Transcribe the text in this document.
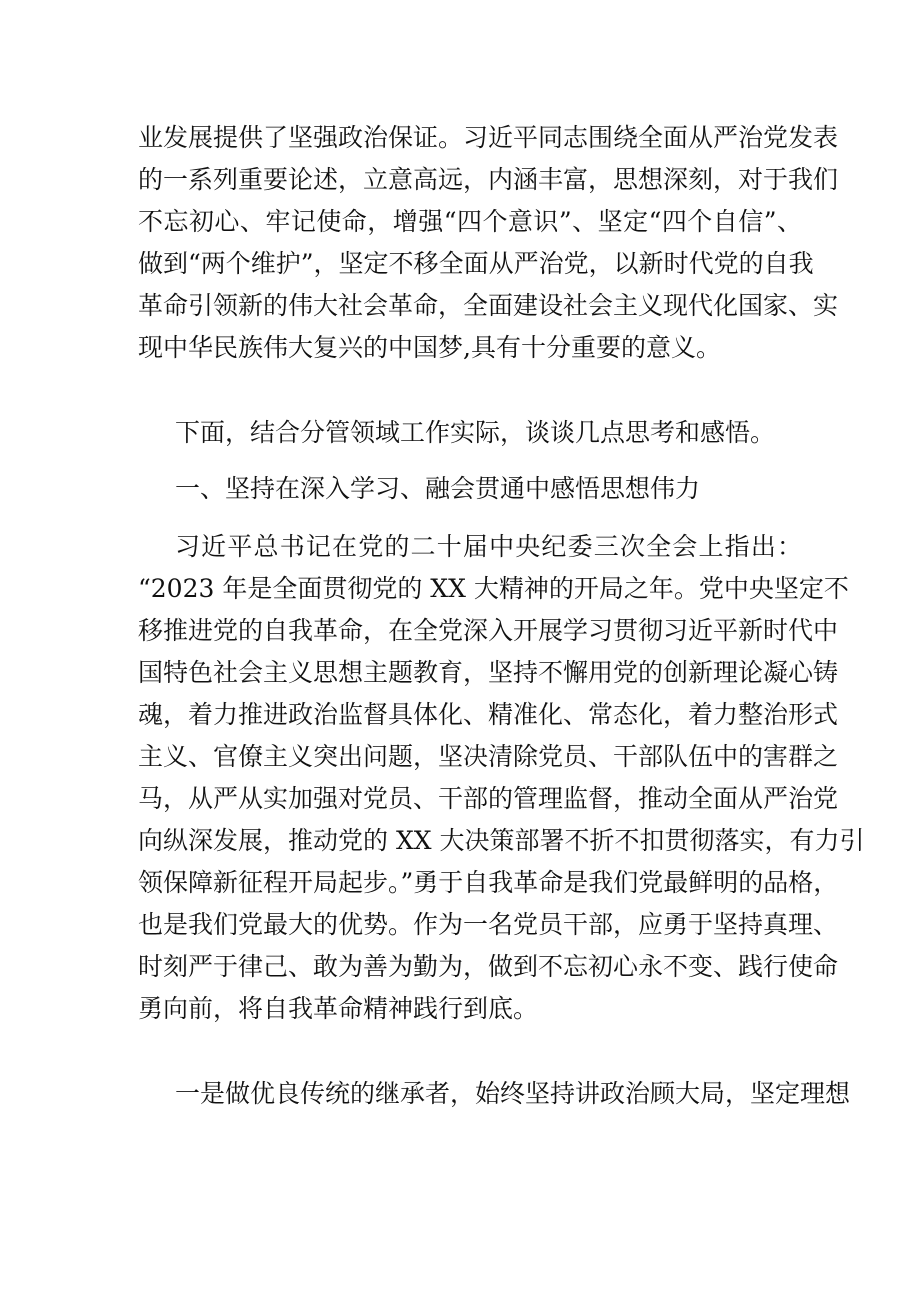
业发展提供了坚强政治保证。习近平同志围绕全面从严治党发表
的一系列重要论述，立意高远，内涵丰富，思想深刻，对于我们
不忘初心、牢记使命，增强“四个意识”、坚定“四个自信”、
做到“两个维护”，坚定不移全面从严治党，以新时代党的自我
革命引领新的伟大社会革命，全面建设社会主义现代化国家、实
现中华民族伟大复兴的中国梦,具有十分重要的意义。
下面，结合分管领域工作实际，谈谈几点思考和感悟。
一、坚持在深入学习、融会贯通中感悟思想伟力
习近平总书记在党的二十届中央纪委三次全会上指出：
“2023 年是全面贯彻党的 XX 大精神的开局之年。党中央坚定不
移推进党的自我革命，在全党深入开展学习贯彻习近平新时代中
国特色社会主义思想主题教育，坚持不懈用党的创新理论凝心铸
魂，着力推进政治监督具体化、精准化、常态化，着力整治形式
主义、官僚主义突出问题，坚决清除党员、干部队伍中的害群之
马，从严从实加强对党员、干部的管理监督，推动全面从严治党
向纵深发展，推动党的 XX 大决策部署不折不扣贯彻落实，有力引
领保障新征程开局起步。”勇于自我革命是我们党最鲜明的品格，
也是我们党最大的优势。作为一名党员干部，应勇于坚持真理、
时刻严于律己、敢为善为勤为，做到不忘初心永不变、践行使命
勇向前，将自我革命精神践行到底。
一是做优良传统的继承者，始终坚持讲政治顾大局，坚定理想
